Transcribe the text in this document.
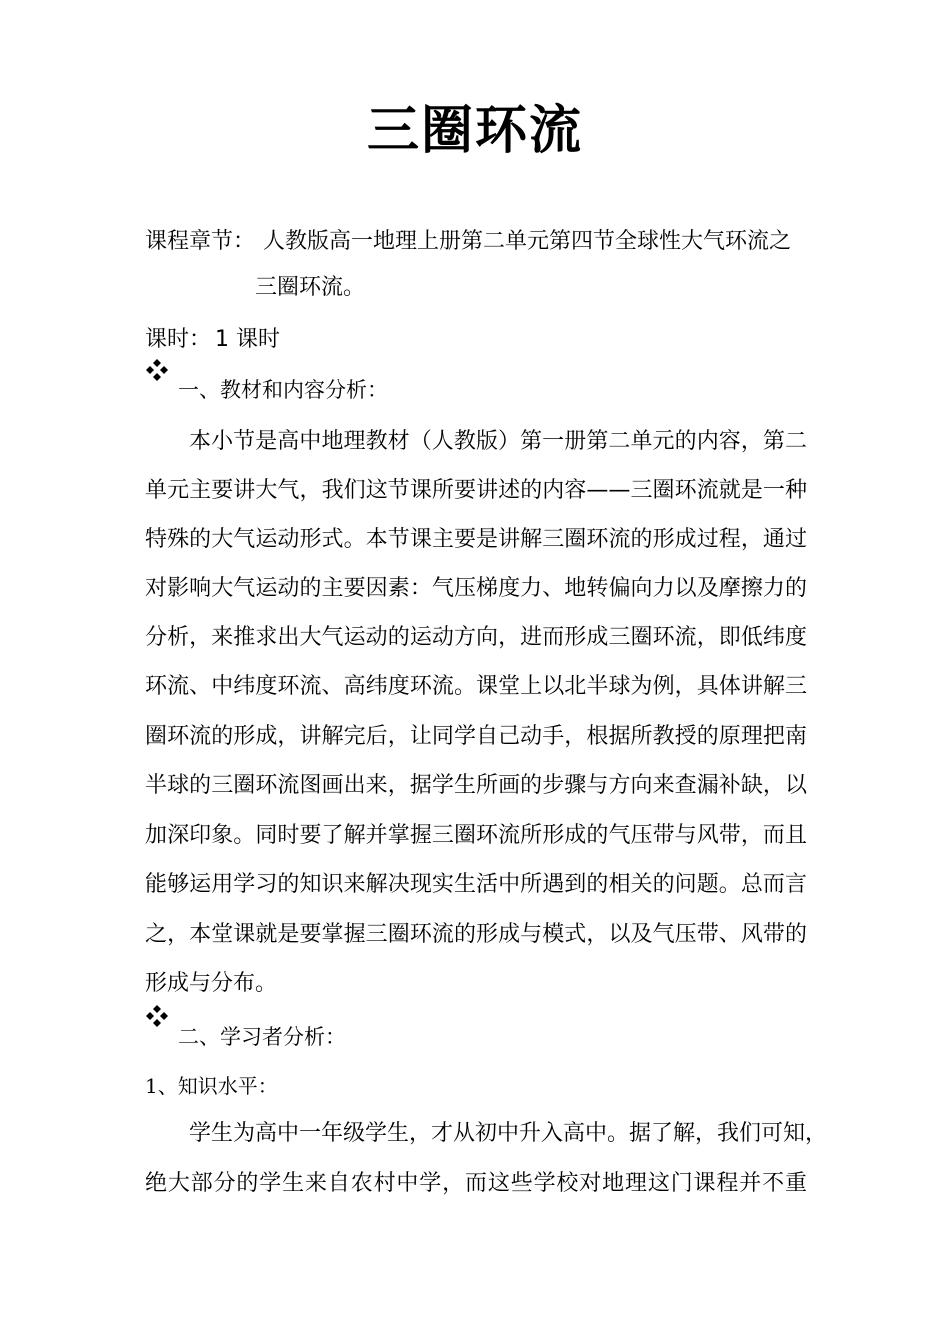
三圈环流
课程章节： 人教版高一地理上册第二单元第四节全球性大气环流之
三圈环流。
课时： 1 课时
一、教材和内容分析：
本小节是高中地理教材（人教版）第一册第二单元的内容，第二
单元主要讲大气，我们这节课所要讲述的内容——三圈环流就是一种
特殊的大气运动形式。本节课主要是讲解三圈环流的形成过程，通过
对影响大气运动的主要因素：气压梯度力、地转偏向力以及摩擦力的
分析，来推求出大气运动的运动方向，进而形成三圈环流，即低纬度
环流、中纬度环流、高纬度环流。课堂上以北半球为例，具体讲解三
圈环流的形成，讲解完后，让同学自己动手，根据所教授的原理把南
半球的三圈环流图画出来，据学生所画的步骤与方向来查漏补缺，以
加深印象。同时要了解并掌握三圈环流所形成的气压带与风带，而且
能够运用学习的知识来解决现实生活中所遇到的相关的问题。总而言
之，本堂课就是要掌握三圈环流的形成与模式，以及气压带、风带的
形成与分布。
二、学习者分析：
1、知识水平：
学生为高中一年级学生，才从初中升入高中。据了解，我们可知，
绝大部分的学生来自农村中学，而这些学校对地理这门课程并不重
